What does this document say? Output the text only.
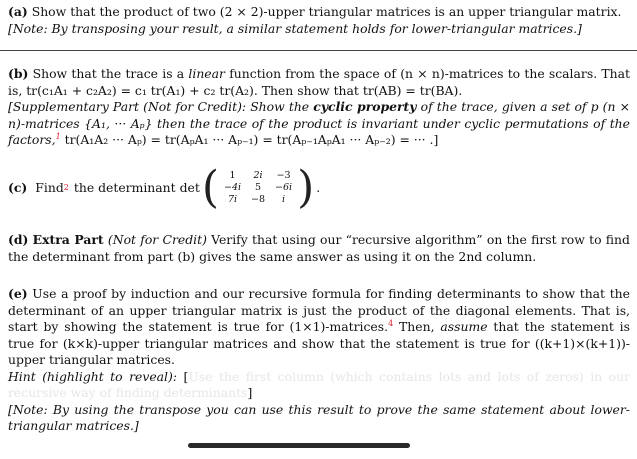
(a) Show that the product of two (2 × 2)-upper triangular matrices is an upper triangular matrix.

[Note: By transposing your result, a similar statement holds for lower-triangular matrices.]

(b) Show that the trace is a linear function from the space of (n × n)-matrices to the scalars. That is, tr(c₁A₁ + c₂A₂) = c₁ tr(A₁) + c₂ tr(A₂). Then show that tr(AB) = tr(BA).

[Supplementary Part (Not for Credit): Show the cyclic property of the trace, given a set of p (n × n)-matrices {A₁, ··· Aₚ} then the trace of the product is invariant under cyclic permutations of the factors,$^1$ tr(A₁A₂ ··· Aₚ) = tr(AₚA₁ ··· Aₚ₋₁) = tr(Aₚ₋₁AₚA₁ ··· Aₚ₋₂) = ··· .]

(c) Find 2 the determinant det ( 1	2i	−3
−4i	5	−6i
7i	−8	i ) .

(d) Extra Part (Not for Credit) Verify that using our “recursive algorithm” on the first row to find the determinant from part (b) gives the same answer as using it on the 2nd column.

(e) Use a proof by induction and our recursive formula for finding determinants to show that the determinant of an upper triangular matrix is just the product of the diagonal elements. That is, start by showing the statement is true for (1×1)-matrices.$^4$ Then, assume that the statement is true for (k×k)-upper triangular matrices and show that the statement is true for ((k+1)×(k+1))-upper triangular matrices.

Hint (highlight to reveal): [Use the first column (which contains lots and lots of zeros) in our recursive way of finding determinants]

[Note: By using the transpose you can use this result to prove the same statement about lower-triangular matrices.]
